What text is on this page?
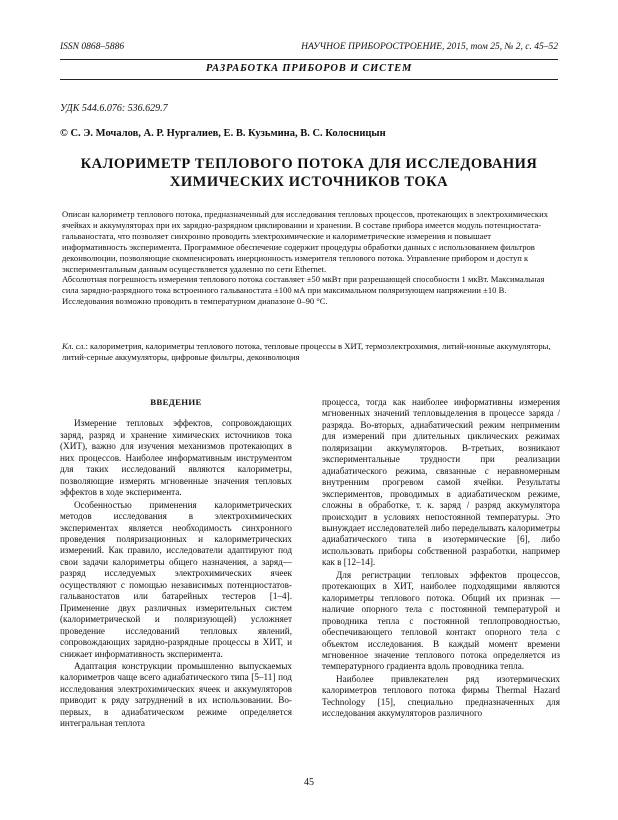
ISSN 0868–5886	НАУЧНОЕ ПРИБОРОСТРОЕНИЕ, 2015, том 25, № 2, с. 45–52
РАЗРАБОТКА ПРИБОРОВ И СИСТЕМ
УДК 544.6.076: 536.629.7
© С. Э. Мочалов, А. Р. Нургалиев, Е. В. Кузьмина, В. С. Колосницын
КАЛОРИМЕТР ТЕПЛОВОГО ПОТОКА ДЛЯ ИССЛЕДОВАНИЯ
ХИМИЧЕСКИХ ИСТОЧНИКОВ ТОКА

Описан калориметр теплового потока, предназначенный для исследования тепловых процессов, протекающих в электрохимических ячейках и аккумуляторах при их зарядно-разрядном циклировании и хранении. В составе прибора имеется модуль потенциостата-гальваностата, что позволяет синхронно проводить электрохимические и калориметрические измерения и повышает информативность эксперимента. Программное обеспечение содержит процедуры обработки данных с использованием фильтров деконволюции, позволяющие скомпенсировать инерционность измерителя теплового потока. Управление прибором и доступ к экспериментальным данным осуществляется удаленно по сети Ethernet.

Абсолютная погрешность измерения теплового потока составляет ±50 мкВт при разрешающей способности 1 мкВт. Максимальная сила зарядно-разрядного тока встроенного гальваностата ±100 мА при максимальном поляризующем напряжении ±10 В. Исследования возможно проводить в температурном диапазоне 0–90 °С.

Кл. сл.: калориметрия, калориметры теплового потока, тепловые процессы в ХИТ, термоэлектрохимия, литий-ионные аккумуляторы, литий-серные аккумуляторы, цифровые фильтры, деконволюция

ВВЕДЕНИЕ

Измерение тепловых эффектов, сопровождающих заряд, разряд и хранение химических источников тока (ХИТ), важно для изучения механизмов протекающих в них процессов. Наиболее информативным инструментом для таких исследований являются калориметры, позволяющие измерять мгновенные значения тепловых эффектов в ходе эксперимента.

Особенностью применения калориметрических методов исследования в электрохимических экспериментах является необходимость синхронного проведения поляризационных и калориметрических измерений. Как правило, исследователи адаптируют под свои задачи калориметры общего назначения, а заряд—разряд исследуемых электрохимических ячеек осуществляют с помощью независимых потенциостатов-гальваностатов или батарейных тестеров [1–4]. Применение двух различных измерительных систем (калориметрической и поляризующей) усложняет проведение исследований тепловых явлений, сопровождающих зарядно-разрядные процессы в ХИТ, и снижает информативность эксперимента.

Адаптация конструкции промышленно выпускаемых калориметров чаще всего адиабатического типа [5–11] под исследования электрохимических ячеек и аккумуляторов приводит к ряду затруднений в их использовании. Во-первых, в адиабатическом режиме определяется интегральная теплота

процесса, тогда как наиболее информативны измерения мгновенных значений тепловыделения в процессе заряда / разряда. Во-вторых, адиабатический режим неприменим для измерений при длительных циклических режимах поляризации аккумуляторов. В-третьих, возникают экспериментальные трудности при реализации адиабатического режима, связанные с неравномерным внутренним прогревом самой ячейки. Результаты экспериментов, проводимых в адиабатическом режиме, сложны в обработке, т. к. заряд / разряд аккумулятора происходит в условиях непостоянной температуры. Это вынуждает исследователей либо переделывать калориметры адиабатического типа в изотермические [6], либо использовать приборы собственной разработки, например как в [12–14].

Для регистрации тепловых эффектов процессов, протекающих в ХИТ, наиболее подходящими являются калориметры теплового потока. Общий их признак — наличие опорного тела с постоянной температурой и проводника тепла с постоянной теплопроводностью, обеспечивающего тепловой контакт опорного тела с объектом исследования. В каждый момент времени мгновенное значение теплового потока определяется из температурного градиента вдоль проводника тепла.

Наиболее привлекателен ряд изотермических калориметров теплового потока фирмы Thermal Hazard Technology [15], специально предназначенных для исследования аккумуляторов различного

45
